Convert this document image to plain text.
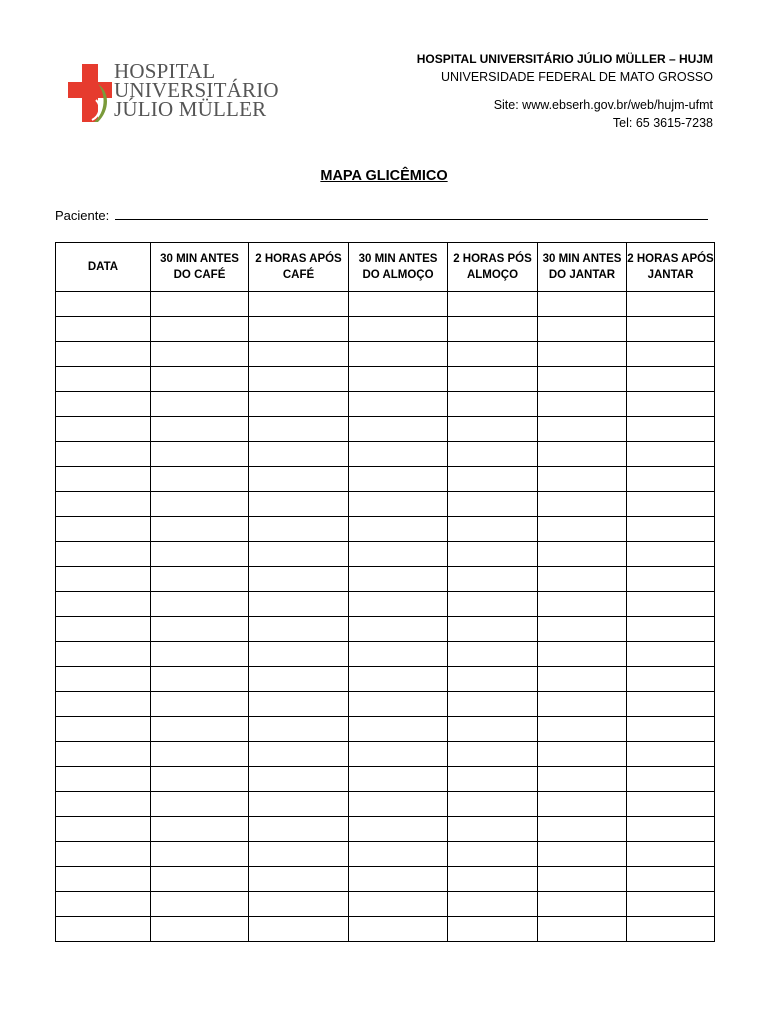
HOSPITAL
UNIVERSITÁRIO
JÚLIO MÜLLER
HOSPITAL UNIVERSITÁRIO JÚLIO MÜLLER – HUJM
UNIVERSIDADE FEDERAL DE MATO GROSSO
Site: www.ebserh.gov.br/web/hujm-ufmt
Tel: 65 3615-7238
MAPA GLICÊMICO
Paciente:
DATA	30 MIN ANTES DO CAFÉ	2 HORAS APÓS CAFÉ	30 MIN ANTES DO ALMOÇO	2 HORAS PÓS ALMOÇO	30 MIN ANTES DO JANTAR	2 HORAS APÓS JANTAR
